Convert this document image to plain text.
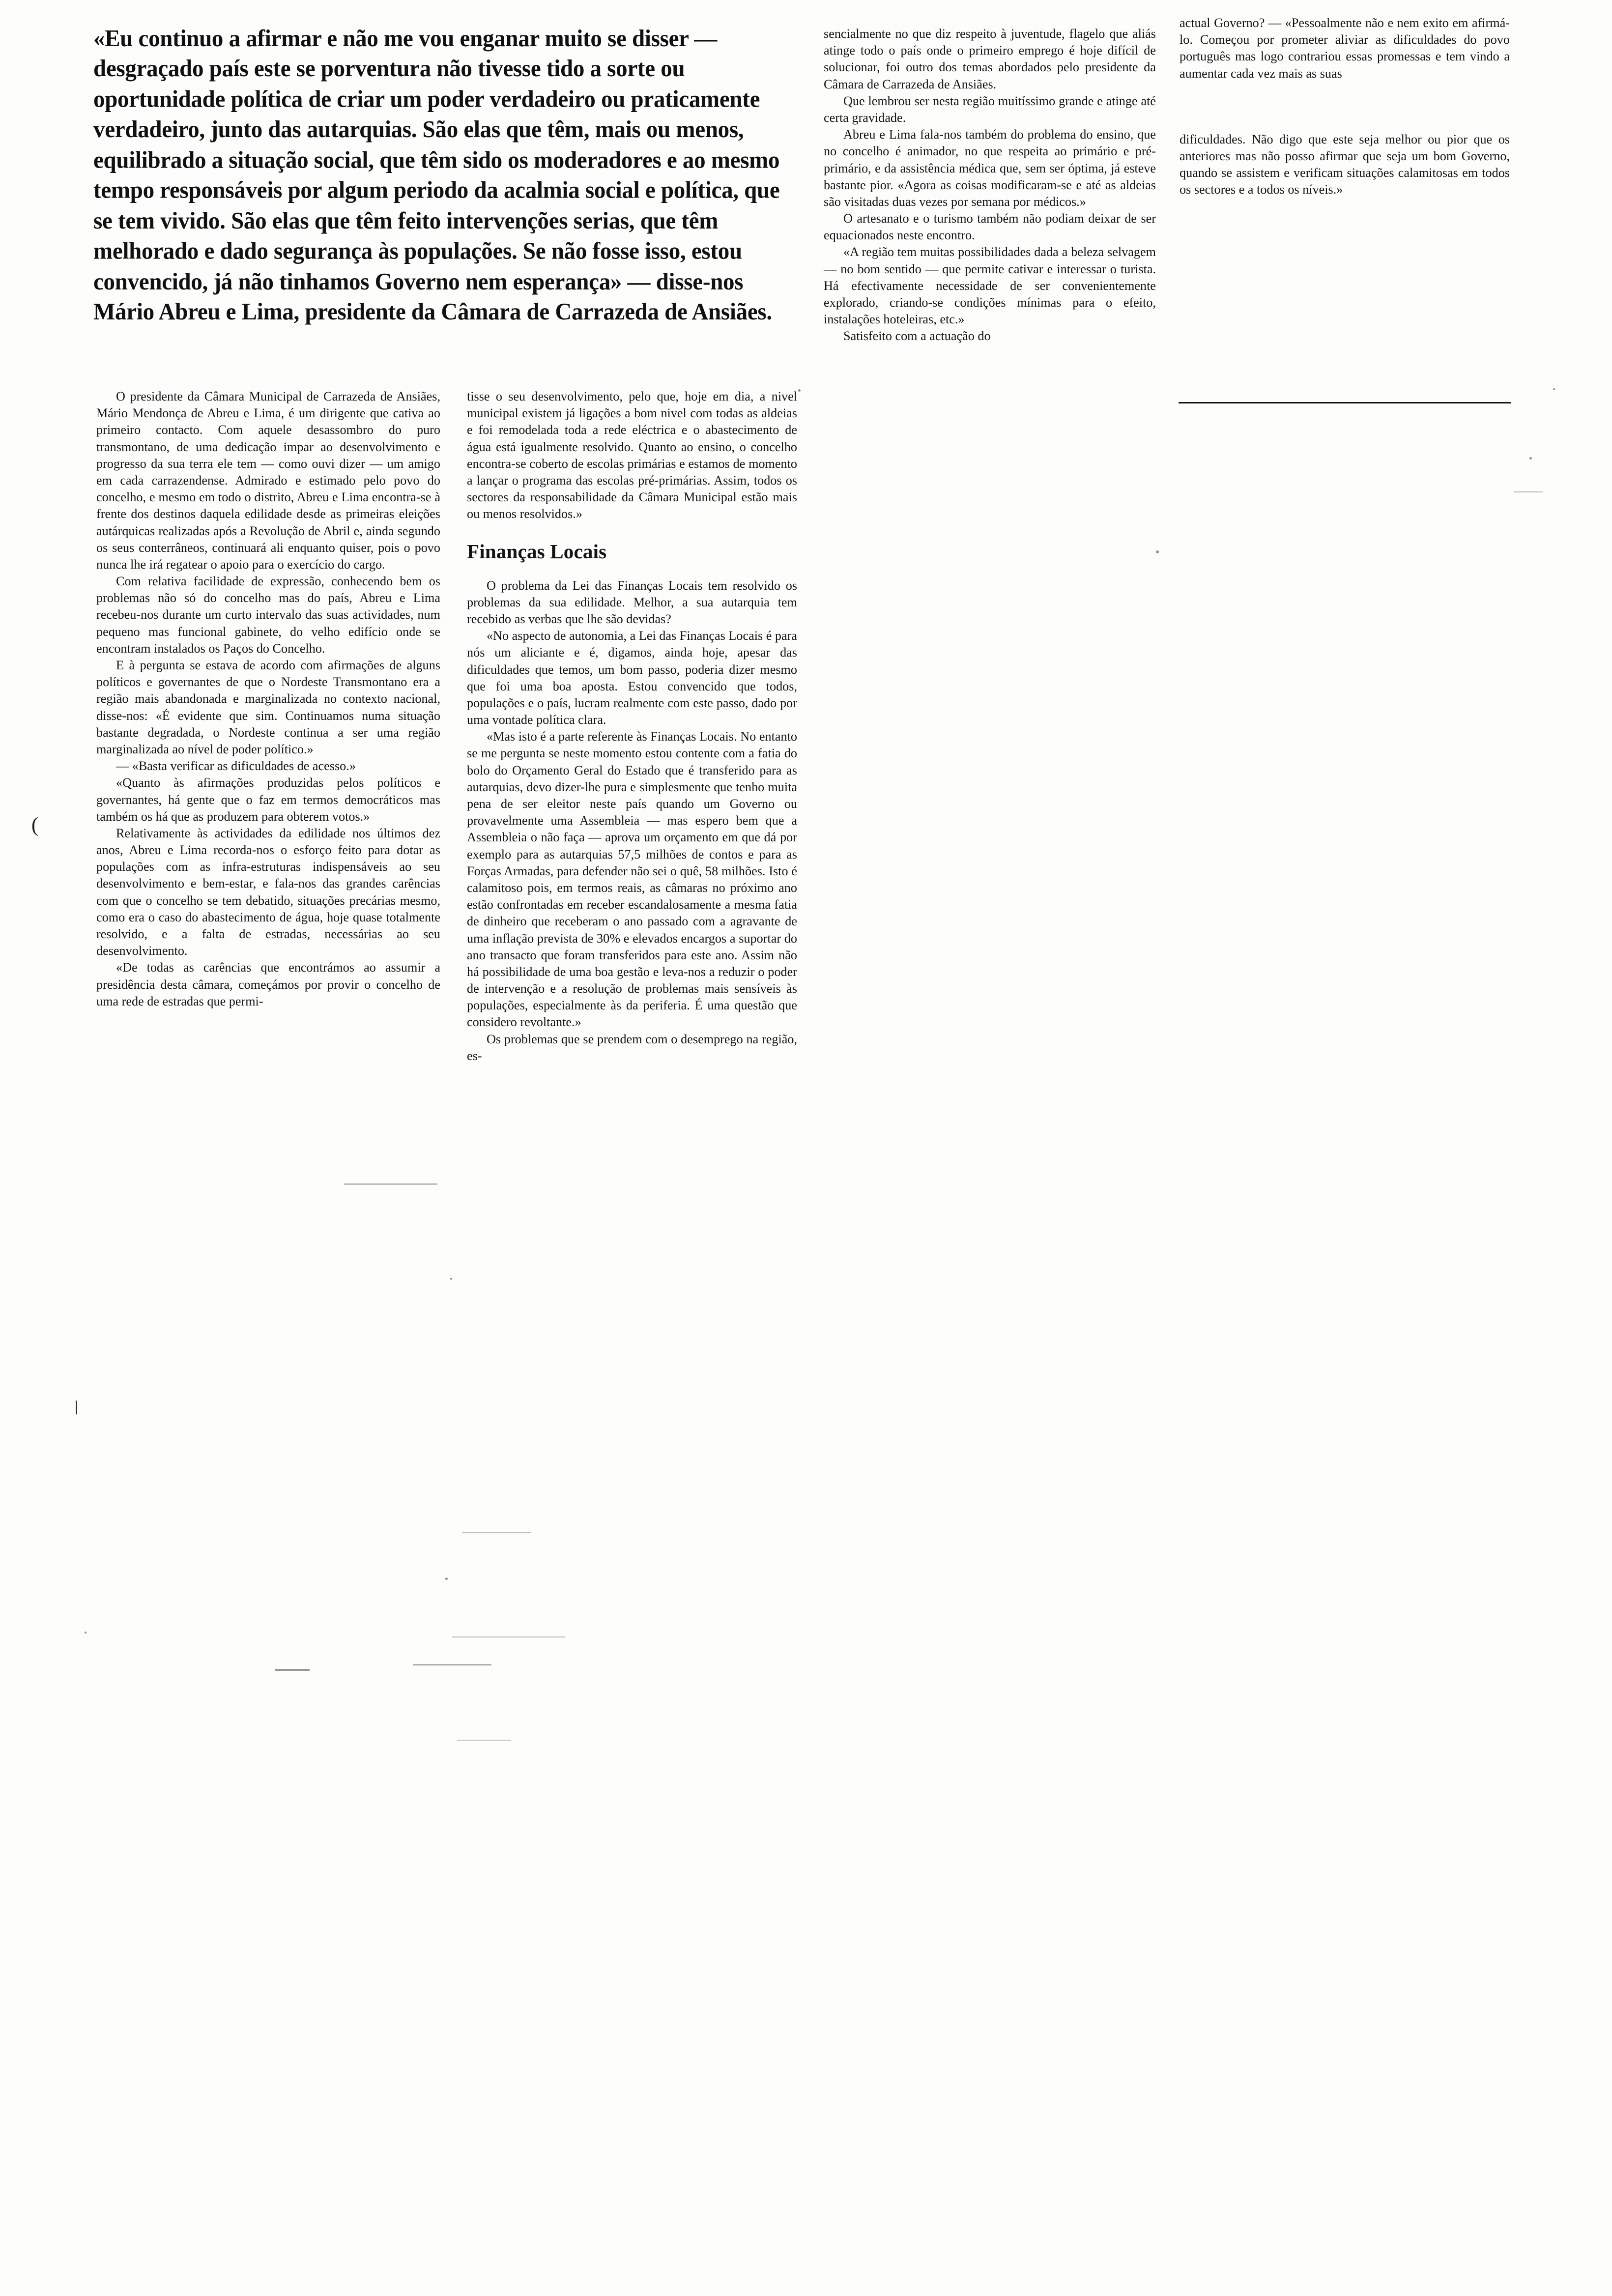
«Eu continuo a afirmar e não me vou enganar muito se disser — desgraçado país este se porventura não tivesse tido a sorte ou oportunidade política de criar um poder verdadeiro ou praticamente verdadeiro, junto das autarquias. São elas que têm, mais ou menos, equilibrado a situação social, que têm sido os moderadores e ao mesmo tempo responsáveis por algum periodo da acalmia social e política, que se tem vivido. São elas que têm feito intervenções serias, que têm melhorado e dado segurança às populações. Se não fosse isso, estou convencido, já não tinhamos Governo nem esperança» — disse-nos Mário Abreu e Lima, presidente da Câmara de Carrazeda de Ansiães.

O presidente da Câmara Municipal de Carrazeda de Ansiães, Mário Mendonça de Abreu e Lima, é um dirigente que cativa ao primeiro contacto. Com aquele desassombro do puro transmontano, de uma dedicação impar ao desenvolvimento e progresso da sua terra ele tem — como ouvi dizer — um amigo em cada carrazendense. Admirado e estimado pelo povo do concelho, e mesmo em todo o distrito, Abreu e Lima encontra-se à frente dos destinos daquela edilidade desde as primeiras eleições autárquicas realizadas após a Revolução de Abril e, ainda segundo os seus conterrâneos, continuará ali enquanto quiser, pois o povo nunca lhe irá regatear o apoio para o exercício do cargo.

Com relativa facilidade de expressão, conhecendo bem os problemas não só do concelho mas do país, Abreu e Lima recebeu-nos durante um curto intervalo das suas actividades, num pequeno mas funcional gabinete, do velho edifício onde se encontram instalados os Paços do Concelho.

E à pergunta se estava de acordo com afirmações de alguns políticos e governantes de que o Nordeste Transmontano era a região mais abandonada e marginalizada no contexto nacional, disse-nos: «É evidente que sim. Continuamos numa situação bastante degradada, o Nordeste continua a ser uma região marginalizada ao nível de poder político.»

— «Basta verificar as dificuldades de acesso.»

«Quanto às afirmações produzidas pelos políticos e governantes, há gente que o faz em termos democráticos mas também os há que as produzem para obterem votos.»

Relativamente às actividades da edilidade nos últimos dez anos, Abreu e Lima recorda-nos o esforço feito para dotar as populações com as infra-estruturas indispensáveis ao seu desenvolvimento e bem-estar, e fala-nos das grandes carências com que o concelho se tem debatido, situações precárias mesmo, como era o caso do abastecimento de água, hoje quase totalmente resolvido, e a falta de estradas, necessárias ao seu desenvolvimento.

«De todas as carências que encontrámos ao assumir a presidência desta câmara, começámos por provir o concelho de uma rede de estradas que permi-

tisse o seu desenvolvimento, pelo que, hoje em dia, a nivel municipal existem já ligações a bom nivel com todas as aldeias e foi remodelada toda a rede eléctrica e o abastecimento de água está igualmente resolvido. Quanto ao ensino, o concelho encontra-se coberto de escolas primárias e estamos de momento a lançar o programa das escolas pré-primárias. Assim, todos os sectores da responsabilidade da Câmara Municipal estão mais ou menos resolvidos.»

Finanças Locais

O problema da Lei das Finanças Locais tem resolvido os problemas da sua edilidade. Melhor, a sua autarquia tem recebido as verbas que lhe são devidas?

«No aspecto de autonomia, a Lei das Finanças Locais é para nós um aliciante e é, digamos, ainda hoje, apesar das dificuldades que temos, um bom passo, poderia dizer mesmo que foi uma boa aposta. Estou convencido que todos, populações e o país, lucram realmente com este passo, dado por uma vontade política clara.

«Mas isto é a parte referente às Finanças Locais. No entanto se me pergunta se neste momento estou contente com a fatia do bolo do Orçamento Geral do Estado que é transferido para as autarquias, devo dizer-lhe pura e simplesmente que tenho muita pena de ser eleitor neste país quando um Governo ou provavelmente uma Assembleia — mas espero bem que a Assembleia o não faça — aprova um orçamento em que dá por exemplo para as autarquias 57,5 milhões de contos e para as Forças Armadas, para defender não sei o quê, 58 milhões. Isto é calamitoso pois, em termos reais, as câmaras no próximo ano estão confrontadas em receber escandalosamente a mesma fatia de dinheiro que receberam o ano passado com a agravante de uma inflação prevista de 30% e elevados encargos a suportar do ano transacto que foram transferidos para este ano. Assim não há possibilidade de uma boa gestão e leva-nos a reduzir o poder de intervenção e a resolução de problemas mais sensíveis às populações, especialmente às da periferia. É uma questão que considero revoltante.»

Os problemas que se prendem com o desemprego na região, es-

sencialmente no que diz respeito à juventude, flagelo que aliás atinge todo o país onde o primeiro emprego é hoje difícil de solucionar, foi outro dos temas abordados pelo presidente da Câmara de Carrazeda de Ansiães.

Que lembrou ser nesta região muitíssimo grande e atinge até certa gravidade.

Abreu e Lima fala-nos também do problema do ensino, que no concelho é animador, no que respeita ao primário e pré-primário, e da assistência médica que, sem ser óptima, já esteve bastante pior. «Agora as coisas modificaram-se e até as aldeias são visitadas duas vezes por semana por médicos.»

O artesanato e o turismo também não podiam deixar de ser equacionados neste encontro.

«A região tem muitas possibilidades dada a beleza selvagem — no bom sentido — que permite cativar e interessar o turista. Há efectivamente necessidade de ser convenientemente explorado, criando-se condições mínimas para o efeito, instalações hoteleiras, etc.»

Satisfeito com a actuação do

actual Governo? — «Pessoalmente não e nem exito em afirmá-lo. Começou por prometer aliviar as dificuldades do povo português mas logo contrariou essas promessas e tem vindo a aumentar cada vez mais as suas

dificuldades. Não digo que este seja melhor ou pior que os anteriores mas não posso afirmar que seja um bom Governo, quando se assistem e verificam situações calamitosas em todos os sectores e a todos os níveis.»

(
\
